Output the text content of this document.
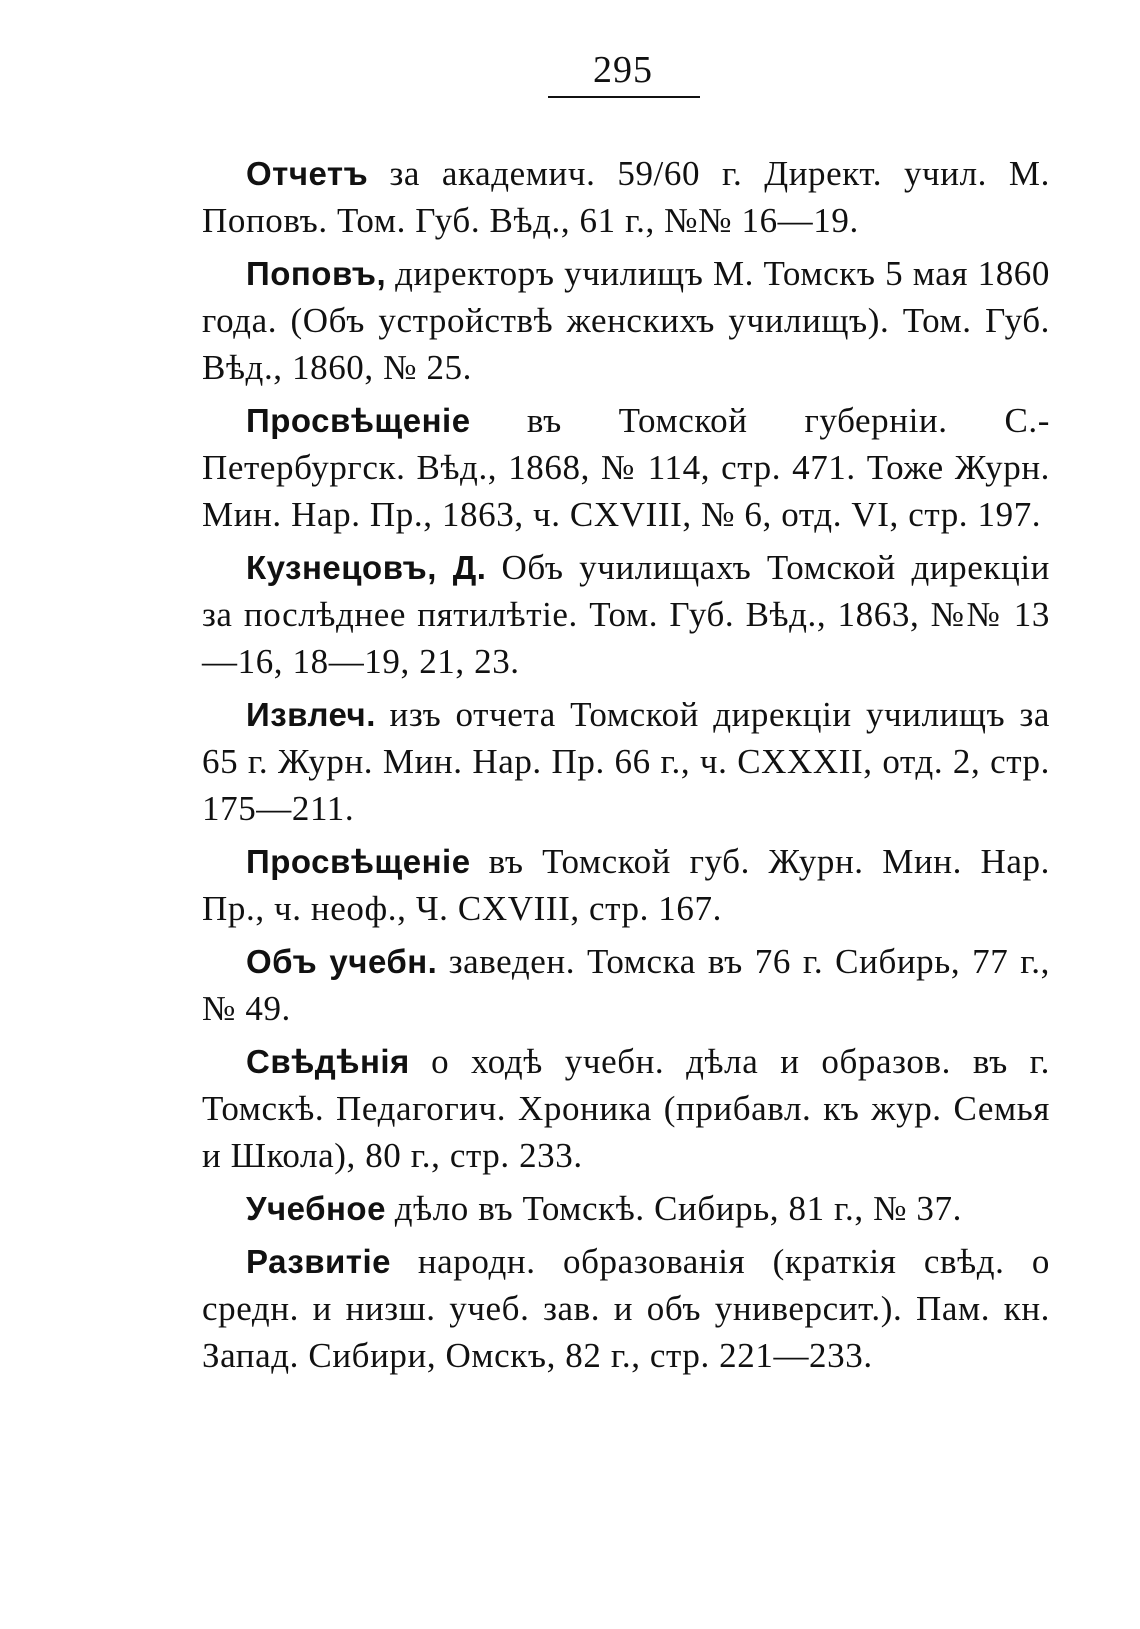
295

Отчетъ за академич. 59/60 г. Директ. учил. М. Поповъ. Том. Губ. Вѣд., 61 г., №№ 16—19.

Поповъ, директоръ училищъ М. Томскъ 5 мая 1860 года. (Объ устройствѣ женскихъ училищъ). Том. Губ. Вѣд., 1860, № 25.

Просвѣщеніе въ Томской губерніи. С.-Петербургск. Вѣд., 1868, № 114, стр. 471. Тоже Журн. Мин. Нар. Пр., 1863, ч. CXVIII, № 6, отд. VI, стр. 197.

Кузнецовъ, Д. Объ училищахъ Томской дирекціи за послѣднее пятилѣтіе. Том. Губ. Вѣд., 1863, №№ 13—16, 18—19, 21, 23.

Извлеч. изъ отчета Томской дирекціи училищъ за 65 г. Журн. Мин. Нар. Пр. 66 г., ч. CXXXII, отд. 2, стр. 175—211.

Просвѣщеніе въ Томской губ. Журн. Мин. Нар. Пр., ч. неоф., Ч. CXVIII, стр. 167.

Объ учебн. заведен. Томска въ 76 г. Сибирь, 77 г., № 49.

Свѣдѣнія о ходѣ учебн. дѣла и образов. въ г. Томскѣ. Педагогич. Хроника (прибавл. къ жур. Семья и Школа), 80 г., стр. 233.

Учебное дѣло въ Томскѣ. Сибирь, 81 г., № 37.

Развитіе народн. образованія (краткія свѣд. о средн. и низш. учеб. зав. и объ университ.). Пам. кн. Запад. Сибири, Омскъ, 82 г., стр. 221—233.
